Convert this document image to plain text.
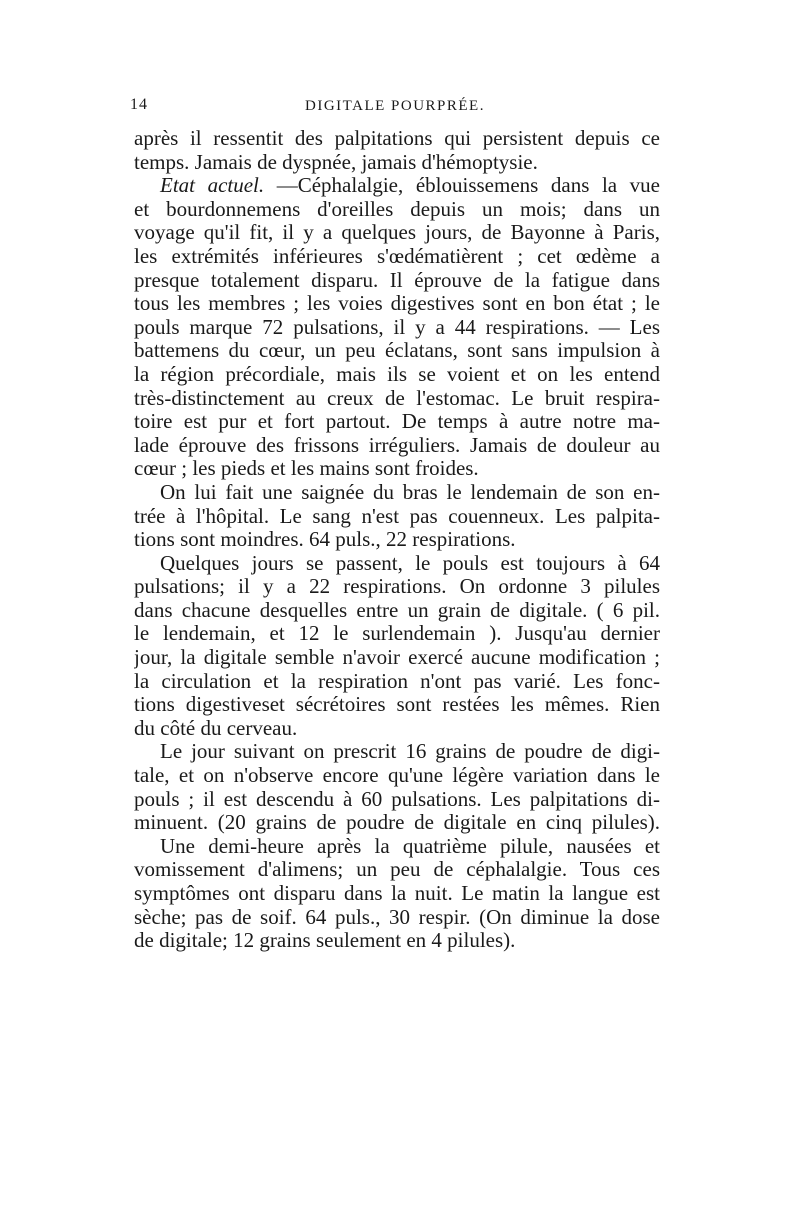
14	DIGITALE POURPRÉE.
après il ressentit des palpitations qui persistent depuis ce
temps. Jamais de dyspnée, jamais d'hémoptysie.
Etat actuel. —Céphalalgie, éblouissemens dans la vue
et bourdonnemens d'oreilles depuis un mois; dans un
voyage qu'il fit, il y a quelques jours, de Bayonne à Paris,
les extrémités inférieures s'œdématièrent ; cet œdème a
presque totalement disparu. Il éprouve de la fatigue dans
tous les membres ; les voies digestives sont en bon état ; le
pouls marque 72 pulsations, il y a 44 respirations. — Les
battemens du cœur, un peu éclatans, sont sans impulsion à
la région précordiale, mais ils se voient et on les entend
très-distinctement au creux de l'estomac. Le bruit respira-
toire est pur et fort partout. De temps à autre notre ma-
lade éprouve des frissons irréguliers. Jamais de douleur au
cœur ; les pieds et les mains sont froides.
On lui fait une saignée du bras le lendemain de son en-
trée à l'hôpital. Le sang n'est pas couenneux. Les palpita-
tions sont moindres. 64 puls., 22 respirations.
Quelques jours se passent, le pouls est toujours à 64
pulsations; il y a 22 respirations. On ordonne 3 pilules
dans chacune desquelles entre un grain de digitale. ( 6 pil.
le lendemain, et 12 le surlendemain ). Jusqu'au dernier
jour, la digitale semble n'avoir exercé aucune modification ;
la circulation et la respiration n'ont pas varié. Les fonc-
tions digestiveset sécrétoires sont restées les mêmes. Rien
du côté du cerveau.
Le jour suivant on prescrit 16 grains de poudre de digi-
tale, et on n'observe encore qu'une légère variation dans le
pouls ; il est descendu à 60 pulsations. Les palpitations di-
minuent. (20 grains de poudre de digitale en cinq pilules).
Une demi-heure après la quatrième pilule, nausées et
vomissement d'alimens; un peu de céphalalgie. Tous ces
symptômes ont disparu dans la nuit. Le matin la langue est
sèche; pas de soif. 64 puls., 30 respir. (On diminue la dose
de digitale; 12 grains seulement en 4 pilules).
